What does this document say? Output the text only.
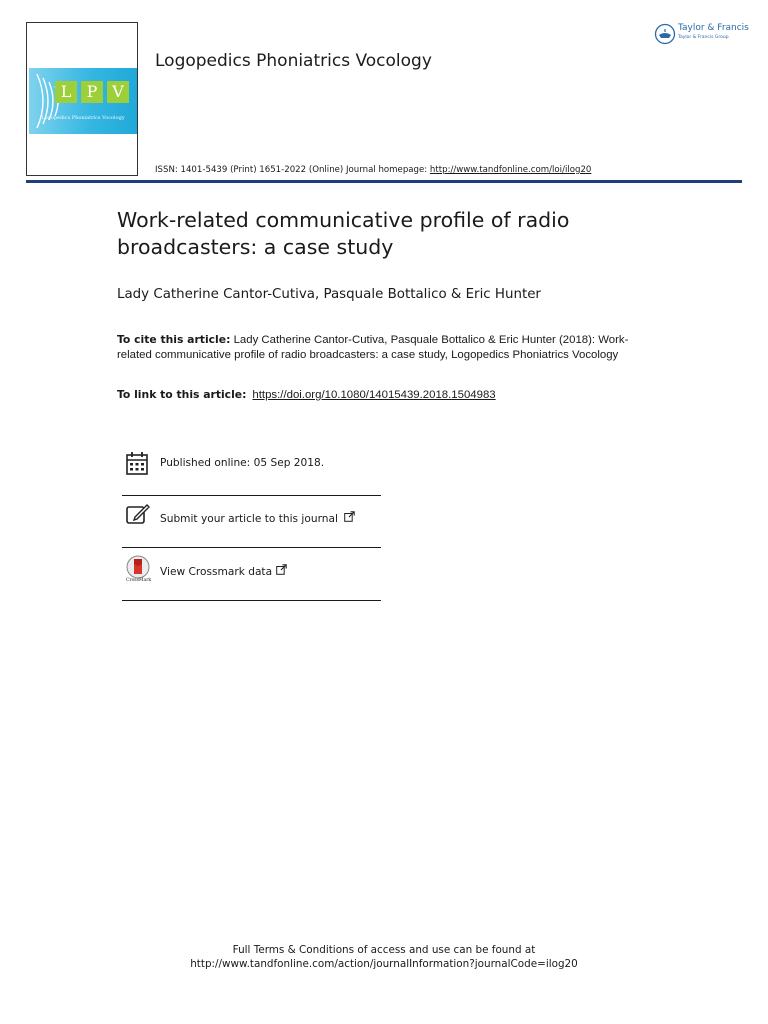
L P V
Logopedics Phoniatrics Vocology
Logopedics Phoniatrics Vocology
ISSN: 1401-5439 (Print) 1651-2022 (Online) Journal homepage: http://www.tandfonline.com/loi/ilog20
Taylor & Francis
Taylor & Francis Group
Work-related communicative profile of radio broadcasters: a case study
Lady Catherine Cantor-Cutiva, Pasquale Bottalico & Eric Hunter
To cite this article: Lady Catherine Cantor-Cutiva, Pasquale Bottalico & Eric Hunter (2018): Work-related communicative profile of radio broadcasters: a case study, Logopedics Phoniatrics Vocology
To link to this article: https://doi.org/10.1080/14015439.2018.1504983
Published online: 05 Sep 2018.
Submit your article to this journal
CrossMark
View Crossmark data
Full Terms & Conditions of access and use can be found at
http://www.tandfonline.com/action/journalInformation?journalCode=ilog20
